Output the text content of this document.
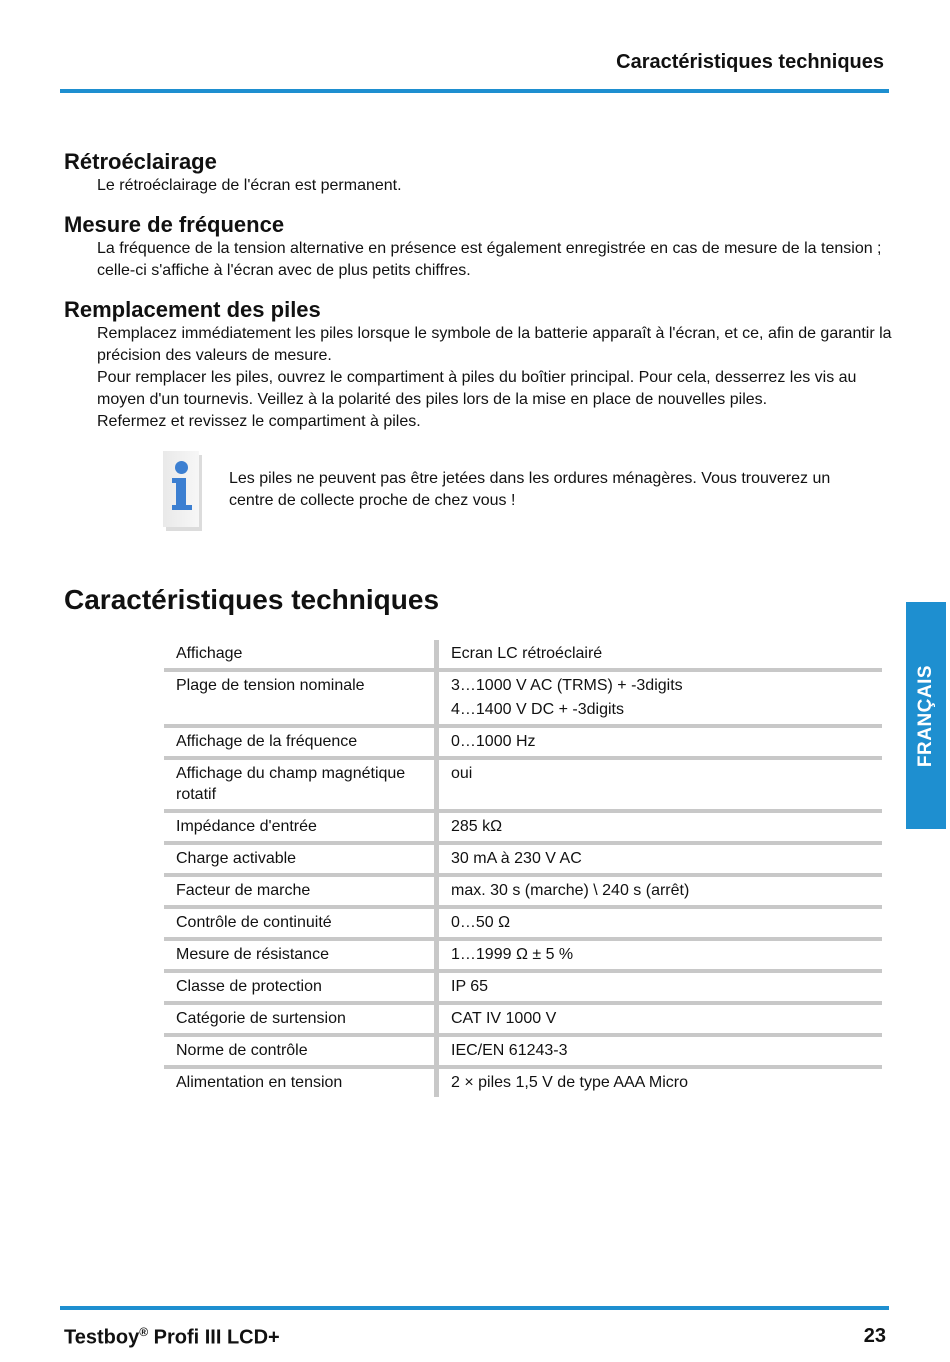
Caractéristiques techniques
Rétroéclairage

Le rétroéclairage de l'écran est permanent.

Mesure de fréquence

La fréquence de la tension alternative en présence est également enregistrée en cas de mesure de la tension ; celle-ci s'affiche à l'écran avec de plus petits chiffres.

Remplacement des piles

Remplacez immédiatement les piles lorsque le symbole de la batterie apparaît à l'écran, et ce, afin de garantir la précision des valeurs de mesure.

Pour remplacer les piles, ouvrez le compartiment à piles du boîtier principal. Pour cela, desserrez les vis au moyen d'un tournevis. Veillez à la polarité des piles lors de la mise en place de nouvelles piles.

Refermez et revissez le compartiment à piles.

Les piles ne peuvent pas être jetées dans les ordures ménagères. Vous trouverez un centre de collecte proche de chez vous !
Caractéristiques techniques
Affichage	Ecran LC rétroéclairé
Plage de tension nominale	3…1000 V AC (TRMS) + -3digits
4…1400 V DC + -3digits

Affichage de la fréquence	0…1000 Hz
Affichage du champ magnétique rotatif	oui
Impédance d'entrée	285 kΩ
Charge activable	30 mA à 230 V AC
Facteur de marche	max. 30 s (marche) \ 240 s (arrêt)
Contrôle de continuité	0…50 Ω
Mesure de résistance	1…1999 Ω ± 5 %
Classe de protection	IP 65
Catégorie de surtension	CAT IV 1000 V
Norme de contrôle	IEC/EN 61243-3
Alimentation en tension	2 × piles 1,5 V de type AAA Micro
FRANÇAIS
Testboy® Profi III LCD+	23
